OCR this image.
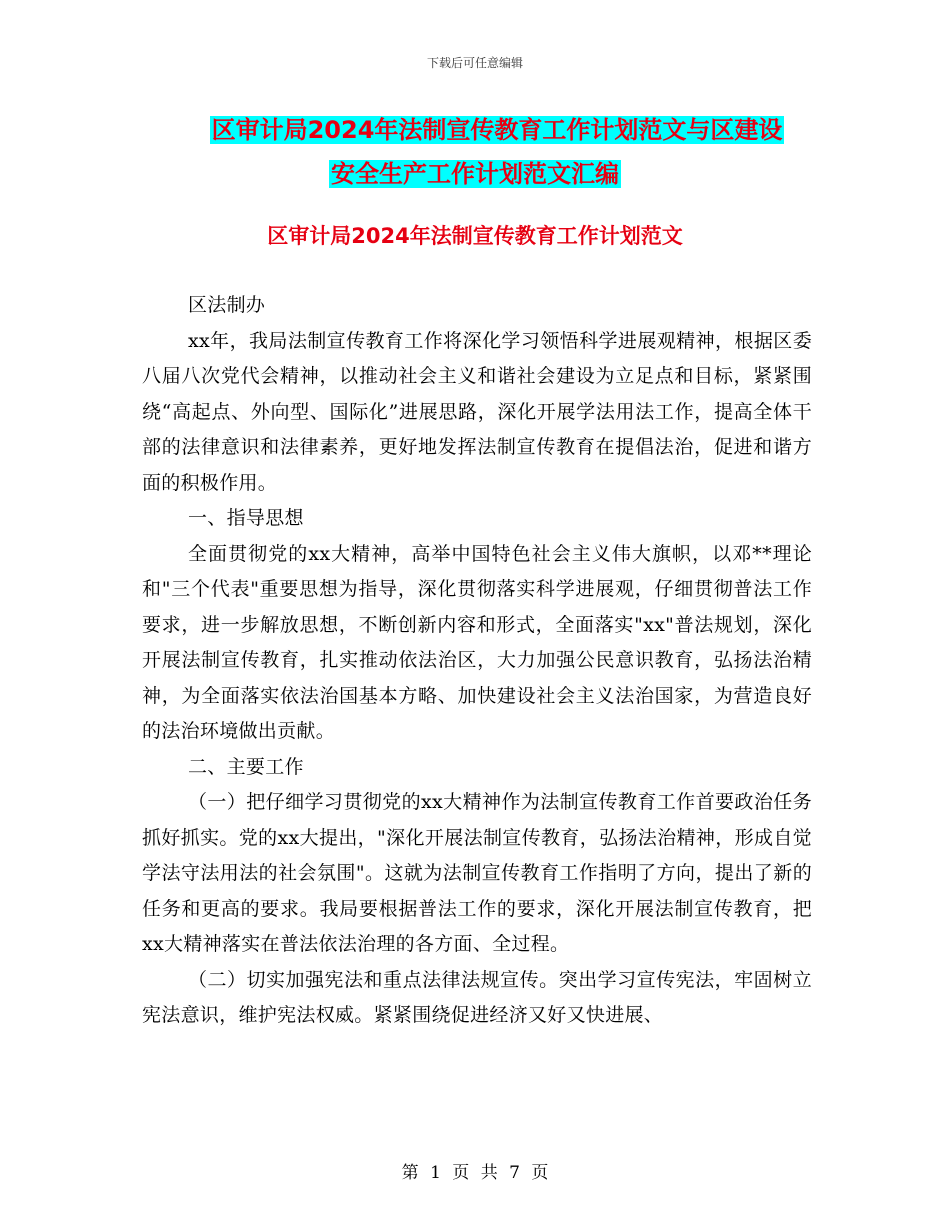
下载后可任意编辑
区审计局2024年法制宣传教育工作计划范文与区建设
安全生产工作计划范文汇编
区审计局2024年法制宣传教育工作计划范文

区法制办

xx年，我局法制宣传教育工作将深化学习领悟科学进展观精神，根据区委八届八次党代会精神，以推动社会主义和谐社会建设为立足点和目标，紧紧围绕“高起点、外向型、国际化”进展思路，深化开展学法用法工作，提高全体干部的法律意识和法律素养，更好地发挥法制宣传教育在提倡法治，促进和谐方面的积极作用。

一、指导思想

全面贯彻党的xx大精神，高举中国特色社会主义伟大旗帜，以邓**理论和"三个代表"重要思想为指导，深化贯彻落实科学进展观，仔细贯彻普法工作要求，进一步解放思想，不断创新内容和形式，全面落实"xx"普法规划，深化开展法制宣传教育，扎实推动依法治区，大力加强公民意识教育，弘扬法治精神，为全面落实依法治国基本方略、加快建设社会主义法治国家，为营造良好的法治环境做出贡献。

二、主要工作

（一）把仔细学习贯彻党的xx大精神作为法制宣传教育工作首要政治任务抓好抓实。党的xx大提出，"深化开展法制宣传教育，弘扬法治精神，形成自觉学法守法用法的社会氛围"。这就为法制宣传教育工作指明了方向，提出了新的任务和更高的要求。我局要根据普法工作的要求，深化开展法制宣传教育，把xx大精神落实在普法依法治理的各方面、全过程。

（二）切实加强宪法和重点法律法规宣传。突出学习宣传宪法，牢固树立宪法意识，维护宪法权威。紧紧围绕促进经济又好又快进展、

第 1 页 共 7 页
